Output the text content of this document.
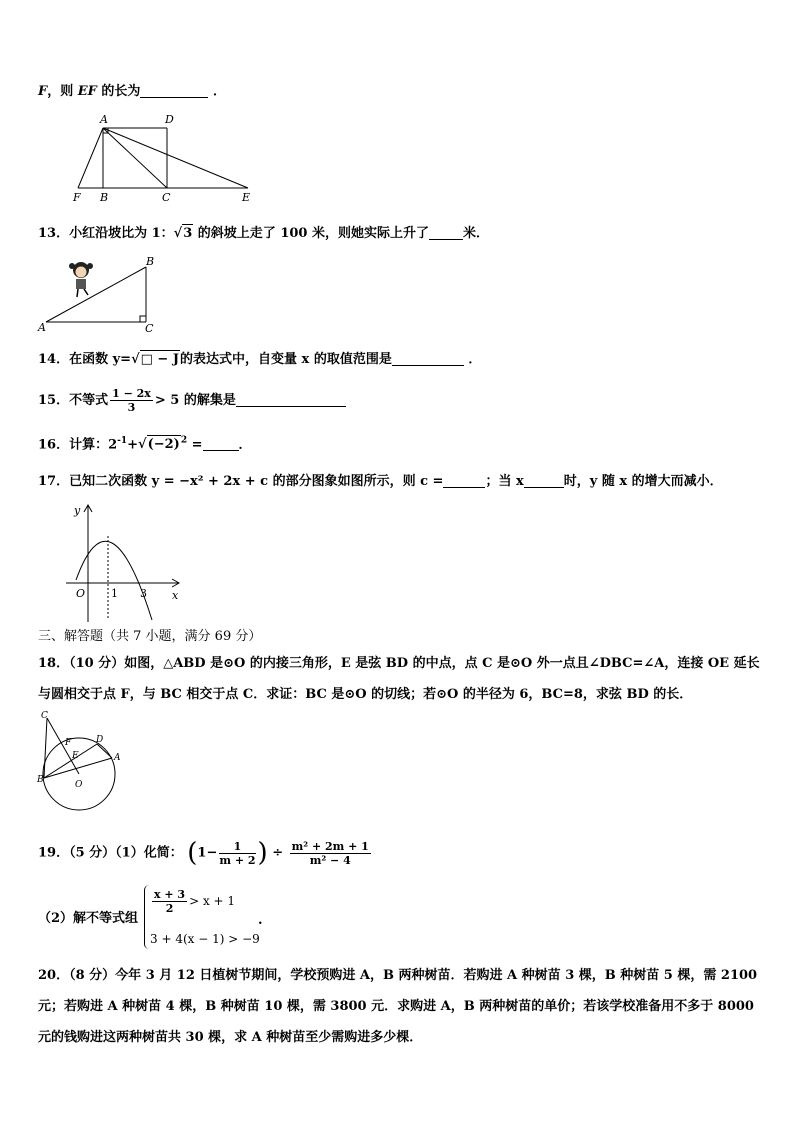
F，则 EF 的长为	．
A	D
F B	C	E
13．小红沿坡比为 1：√3 的斜坡上走了 100 米，则她实际上升了	米．
A
B
C
14．在函数 y=√□ − J的表达式中，自变量 x 的取值范围是	．
15．不等式 $\frac{1 - 2x}{3} > 5$ 的解集是
16．计算：$2^{-1}+√(-2)^2$ =	．
17．已知二次函数 y = −x² + 2x + c 的部分图象如图所示，则 c =	；当 x	时，y 随 x 的增大而减小．
y
O 1 3 x
三、解答题（共 7 小题，满分 69 分）
18．（10 分）如图，△ABD 是⊙O 的内接三角形，E 是弦 BD 的中点，点 C 是⊙O 外一点且∠DBC=∠A，连接 OE 延长
与圆相交于点 F，与 BC 相交于点 C．求证：BC 是⊙O 的切线；若⊙O 的半径为 6，BC=8，求弦 BD 的长．
C
F	D
E	A
B	O
19．（5 分）（1）化简： ($1- \frac{1}{m + 2}$ ) ÷ $\frac{\text{m² + 2m + 1}}{\text{m² − 4}}$
（2）解不等式组
$\frac{x + 3}{2} > x + 1$
3 + 4(x − 1) > −9
.
20．（8 分）今年 3 月 12 日植树节期间，学校预购进 A，B 两种树苗．若购进 A 种树苗 3 棵，B 种树苗 5 棵，需 2100
元；若购进 A 种树苗 4 棵，B 种树苗 10 棵，需 3800 元．求购进 A，B 两种树苗的单价；若该学校准备用不多于 8000
元的钱购进这两种树苗共 30 棵，求 A 种树苗至少需购进多少棵．
